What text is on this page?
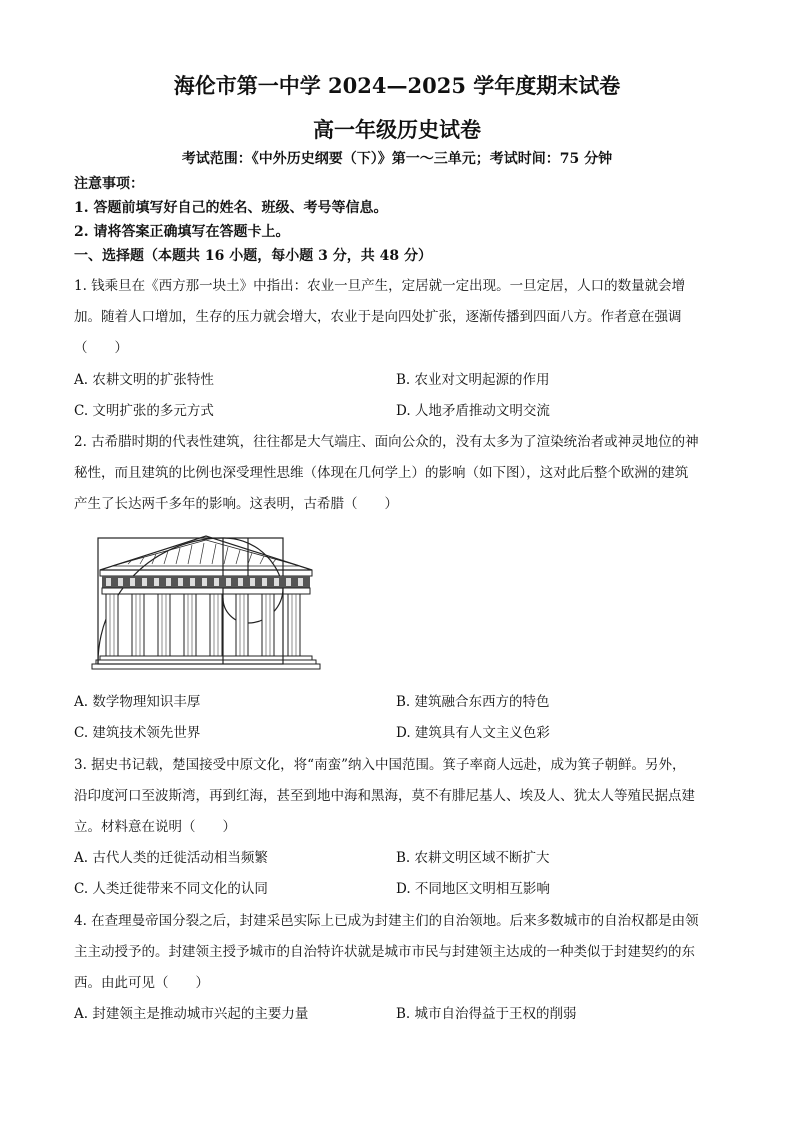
海伦市第一中学 2024—2025 学年度期末试卷
高一年级历史试卷
考试范围：《中外历史纲要（下）》第一～三单元；考试时间：75 分钟
注意事项：
1. 答题前填写好自己的姓名、班级、考号等信息。
2. 请将答案正确填写在答题卡上。
一、选择题（本题共 16 小题，每小题 3 分，共 48 分）
1. 钱乘旦在《西方那一块土》中指出：农业一旦产生，定居就一定出现。一旦定居，人口的数量就会增
加。随着人口增加，生存的压力就会增大，农业于是向四处扩张，逐渐传播到四面八方。作者意在强调
（　　）
A. 农耕文明的扩张特性	B. 农业对文明起源的作用
C. 文明扩张的多元方式	D. 人地矛盾推动文明交流
2. 古希腊时期的代表性建筑，往往都是大气端庄、面向公众的，没有太多为了渲染统治者或神灵地位的神
秘性，而且建筑的比例也深受理性思维（体现在几何学上）的影响（如下图），这对此后整个欧洲的建筑
产生了长达两千多年的影响。这表明，古希腊（　　）
A. 数学物理知识丰厚	B. 建筑融合东西方的特色
C. 建筑技术领先世界	D. 建筑具有人文主义色彩
3. 据史书记载，楚国接受中原文化，将“南蛮”纳入中国范围。箕子率商人远赴，成为箕子朝鲜。另外，
沿印度河口至波斯湾，再到红海，甚至到地中海和黑海，莫不有腓尼基人、埃及人、犹太人等殖民据点建
立。材料意在说明（　　）
A. 古代人类的迁徙活动相当频繁	B. 农耕文明区域不断扩大
C. 人类迁徙带来不同文化的认同	D. 不同地区文明相互影响
4. 在查理曼帝国分裂之后，封建采邑实际上已成为封建主们的自治领地。后来多数城市的自治权都是由领
主主动授予的。封建领主授予城市的自治特许状就是城市市民与封建领主达成的一种类似于封建契约的东
西。由此可见（　　）
A. 封建领主是推动城市兴起的主要力量	B. 城市自治得益于王权的削弱
